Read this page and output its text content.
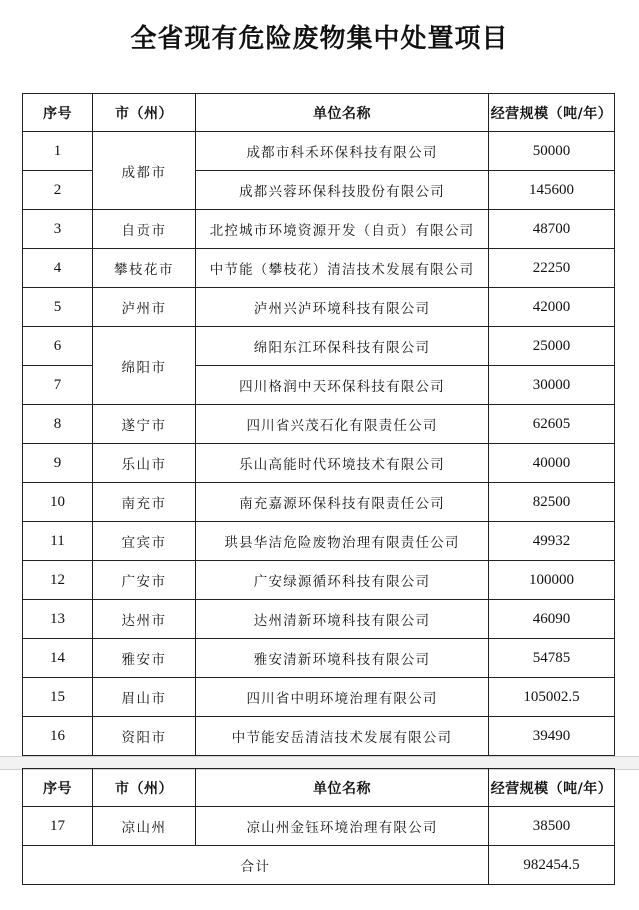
全省现有危险废物集中处置项目
序号	市（州）	单位名称	经营规模（吨/年）
1	成都市	成都市科禾环保科技有限公司	50000
2		成都兴蓉环保科技股份有限公司	145600
3	自贡市	北控城市环境资源开发（自贡）有限公司	48700
4	攀枝花市	中节能（攀枝花）清洁技术发展有限公司	22250
5	泸州市	泸州兴泸环境科技有限公司	42000
6	绵阳市	绵阳东江环保科技有限公司	25000
7		四川格润中天环保科技有限公司	30000
8	遂宁市	四川省兴茂石化有限责任公司	62605
9	乐山市	乐山高能时代环境技术有限公司	40000
10	南充市	南充嘉源环保科技有限责任公司	82500
11	宜宾市	珙县华洁危险废物治理有限责任公司	49932
12	广安市	广安绿源循环科技有限公司	100000
13	达州市	达州清新环境科技有限公司	46090
14	雅安市	雅安清新环境科技有限公司	54785
15	眉山市	四川省中明环境治理有限公司	105002.5
16	资阳市	中节能安岳清洁技术发展有限公司	39490
序号	市（州）	单位名称	经营规模（吨/年）
17	凉山州	凉山州金钰环境治理有限公司	38500
合计			982454.5
